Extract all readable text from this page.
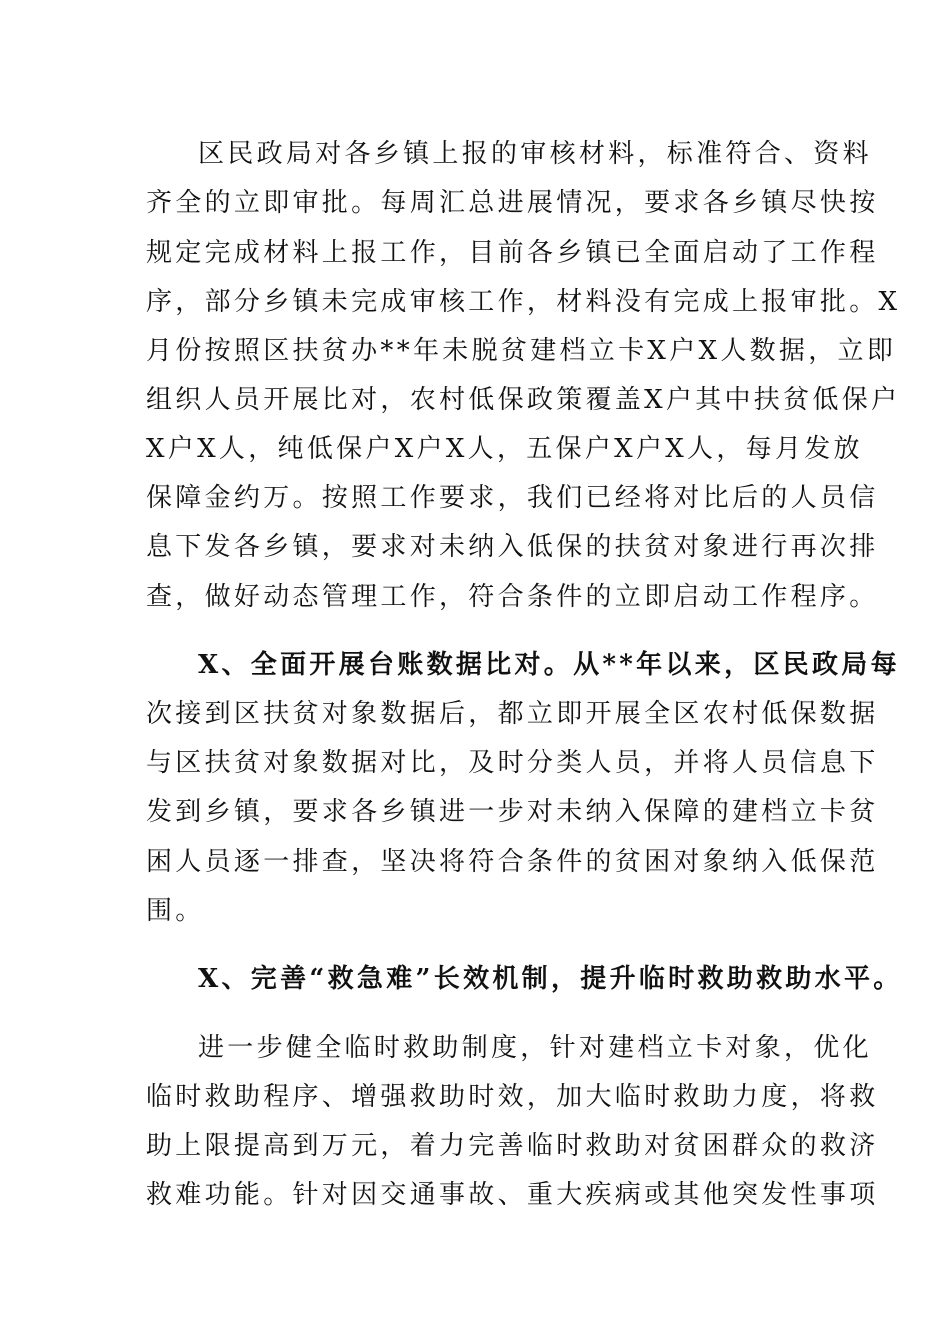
区民政局对各乡镇上报的审核材料，标准符合、资料
齐全的立即审批。每周汇总进展情况，要求各乡镇尽快按
规定完成材料上报工作，目前各乡镇已全面启动了工作程
序，部分乡镇未完成审核工作，材料没有完成上报审批。X
月份按照区扶贫办**年未脱贫建档立卡X户X人数据，立即
组织人员开展比对，农村低保政策覆盖X户其中扶贫低保户
X户X人，纯低保户X户X人，五保户X户X人，每月发放
保障金约万。按照工作要求，我们已经将对比后的人员信
息下发各乡镇，要求对未纳入低保的扶贫对象进行再次排
查，做好动态管理工作，符合条件的立即启动工作程序。
X、全面开展台账数据比对。从**年以来，区民政局每
次接到区扶贫对象数据后，都立即开展全区农村低保数据
与区扶贫对象数据对比，及时分类人员，并将人员信息下
发到乡镇，要求各乡镇进一步对未纳入保障的建档立卡贫
困人员逐一排查，坚决将符合条件的贫困对象纳入低保范
围。
X、完善“救急难”长效机制，提升临时救助救助水平。
进一步健全临时救助制度，针对建档立卡对象，优化
临时救助程序、增强救助时效，加大临时救助力度，将救
助上限提高到万元，着力完善临时救助对贫困群众的救济
救难功能。针对因交通事故、重大疾病或其他突发性事项
